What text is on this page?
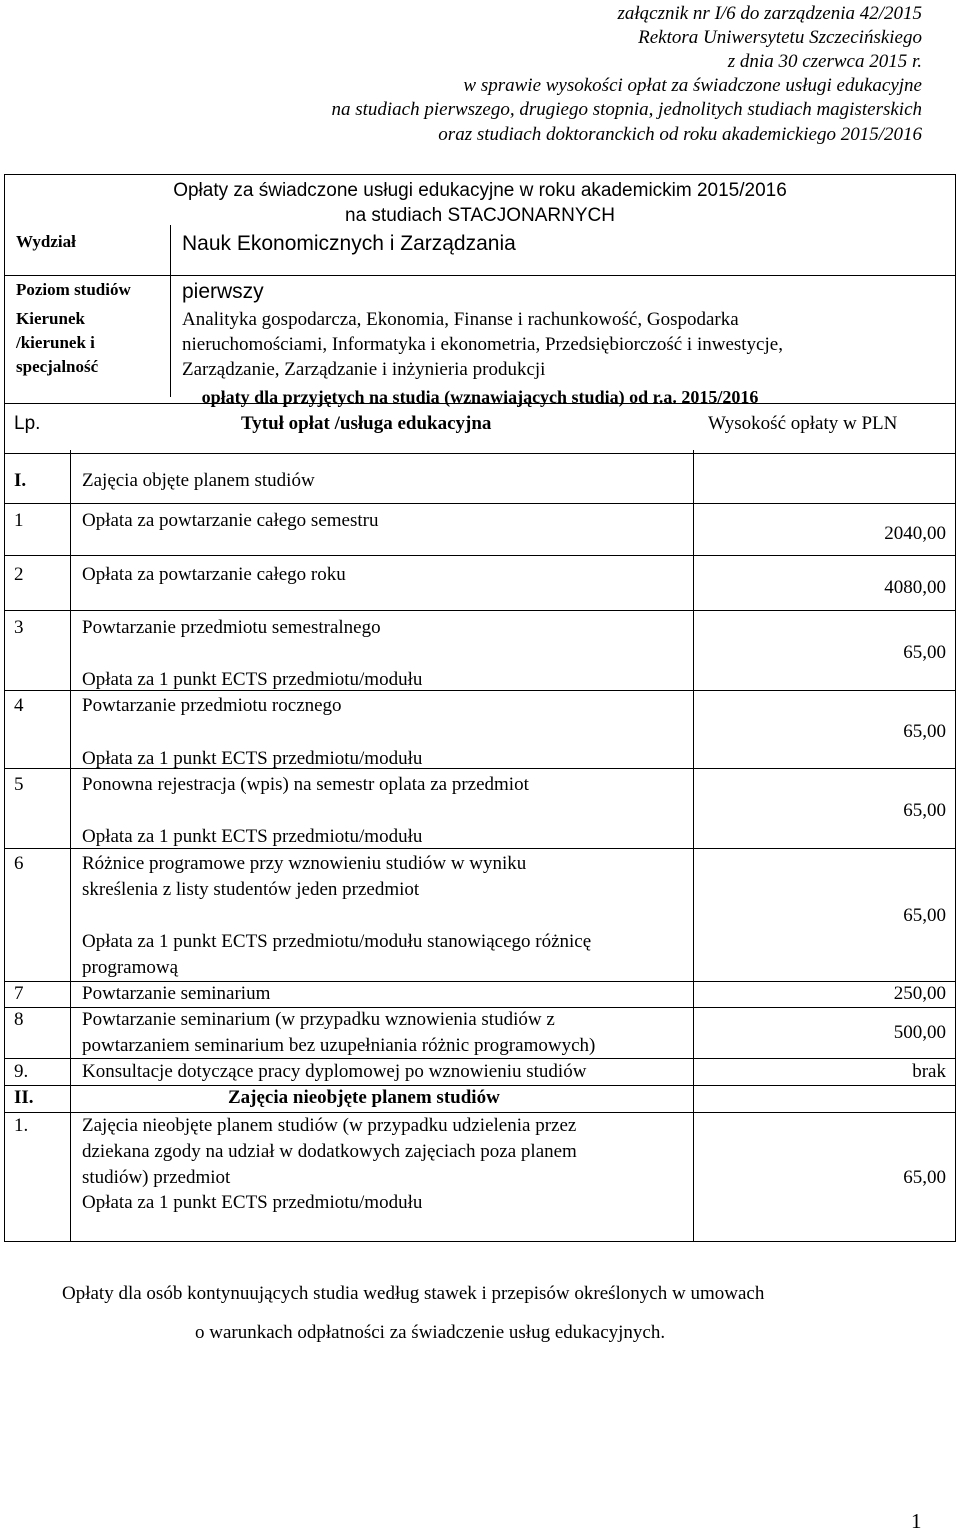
załącznik nr I/6 do zarządzenia 42/2015
Rektora Uniwersytetu Szczecińskiego
z dnia 30 czerwca 2015 r.
w sprawie wysokości opłat za świadczone usługi edukacyjne
na studiach pierwszego, drugiego stopnia, jednolitych studiach magisterskich
oraz studiach doktoranckich od roku akademickiego 2015/2016
Opłaty za świadczone usługi edukacyjne w roku akademickim 2015/2016
na studiach STACJONARNYCH
Wydział	Nauk Ekonomicznych i Zarządzania
Poziom studiów pierwszy
Kierunek
/kierunek i
specjalność
Analityka gospodarcza, Ekonomia, Finanse i rachunkowość, Gospodarka
nieruchomościami, Informatyka i ekonometria, Przedsiębiorczość i inwestycje,
Zarządzanie, Zarządzanie i inżynieria produkcji
opłaty dla przyjętych na studia (wznawiających studia) od r.a. 2015/2016
Lp.	Tytuł opłat /usługa edukacyjna	Wysokość opłaty w PLN
I.	Zajęcia objęte planem studiów
1	Opłata za powtarzanie całego semestru
2040,00
2	Opłata za powtarzanie całego roku
4080,00
3	Powtarzanie przedmiotu semestralnego
Opłata za 1 punkt ECTS przedmiotu/modułu
65,00
4	Powtarzanie przedmiotu rocznego
Opłata za 1 punkt ECTS przedmiotu/modułu
65,00
5	Ponowna rejestracja (wpis) na semestr oplata za przedmiot
Opłata za 1 punkt ECTS przedmiotu/modułu
65,00
6	Różnice programowe przy wznowieniu studiów w wyniku
skreślenia z listy studentów jeden przedmiot
Opłata za 1 punkt ECTS przedmiotu/modułu stanowiącego różnicę
programową
65,00
7	Powtarzanie seminarium	250,00
8	Powtarzanie seminarium (w przypadku wznowienia studiów z
powtarzaniem seminarium bez uzupełniania różnic programowych)
500,00
9.	Konsultacje dotyczące pracy dyplomowej po wznowieniu studiów	brak
II.	Zajęcia nieobjęte planem studiów
1.	Zajęcia nieobjęte planem studiów (w przypadku udzielenia przez
dziekana zgody na udział w dodatkowych zajęciach poza planem
studiów) przedmiot
Opłata za 1 punkt ECTS przedmiotu/modułu
65,00
Opłaty dla osób kontynuujących studia według stawek i przepisów określonych w umowach
o warunkach odpłatności za świadczenie usług edukacyjnych.
1
